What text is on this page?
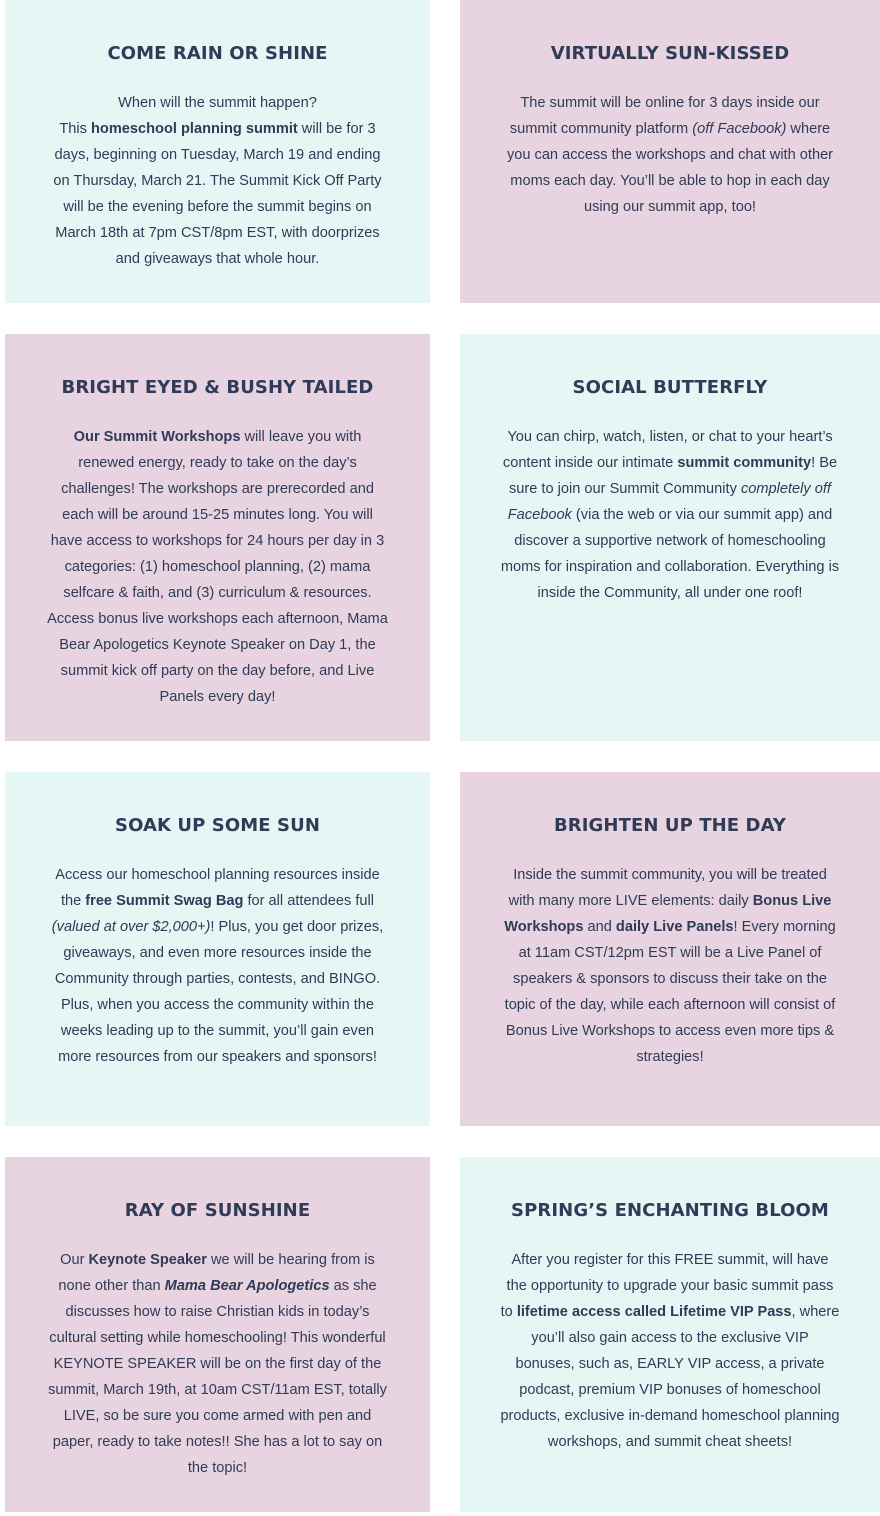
COME RAIN OR SHINE

When will the summit happen?
This homeschool planning summit will be for 3 days, beginning on Tuesday, March 19 and ending on Thursday, March 21. The Summit Kick Off Party will be the evening before the summit begins on March 18th at 7pm CST/8pm EST, with doorprizes and giveaways that whole hour.

VIRTUALLY SUN-KISSED

The summit will be online for 3 days inside our summit community platform (off Facebook) where you can access the workshops and chat with other moms each day. You’ll be able to hop in each day using our summit app, too!

BRIGHT EYED & BUSHY TAILED

Our Summit Workshops will leave you with renewed energy, ready to take on the day’s challenges! The workshops are prerecorded and each will be around 15-25 minutes long. You will have access to workshops for 24 hours per day in 3 categories: (1) homeschool planning, (2) mama selfcare & faith, and (3) curriculum & resources. Access bonus live workshops each afternoon, Mama Bear Apologetics Keynote Speaker on Day 1, the summit kick off party on the day before, and Live Panels every day!

SOCIAL BUTTERFLY

You can chirp, watch, listen, or chat to your heart’s content inside our intimate summit community! Be sure to join our Summit Community completely off Facebook (via the web or via our summit app) and discover a supportive network of homeschooling moms for inspiration and collaboration. Everything is inside the Community, all under one roof!

SOAK UP SOME SUN

Access our homeschool planning resources inside the free Summit Swag Bag for all attendees full (valued at over $2,000+)! Plus, you get door prizes, giveaways, and even more resources inside the Community through parties, contests, and BINGO. Plus, when you access the community within the weeks leading up to the summit, you’ll gain even more resources from our speakers and sponsors!

BRIGHTEN UP THE DAY

Inside the summit community, you will be treated with many more LIVE elements: daily Bonus Live Workshops and daily Live Panels! Every morning at 11am CST/12pm EST will be a Live Panel of speakers & sponsors to discuss their take on the topic of the day, while each afternoon will consist of Bonus Live Workshops to access even more tips & strategies!

RAY OF SUNSHINE

Our Keynote Speaker we will be hearing from is none other than Mama Bear Apologetics as she discusses how to raise Christian kids in today’s cultural setting while homeschooling! This wonderful KEYNOTE SPEAKER will be on the first day of the summit, March 19th, at 10am CST/11am EST, totally LIVE, so be sure you come armed with pen and paper, ready to take notes!! She has a lot to say on the topic!

SPRING’S ENCHANTING BLOOM

After you register for this FREE summit, will have the opportunity to upgrade your basic summit pass to lifetime access called Lifetime VIP Pass, where you’ll also gain access to the exclusive VIP bonuses, such as, EARLY VIP access, a private podcast, premium VIP bonuses of homeschool products, exclusive in-demand homeschool planning workshops, and summit cheat sheets!
